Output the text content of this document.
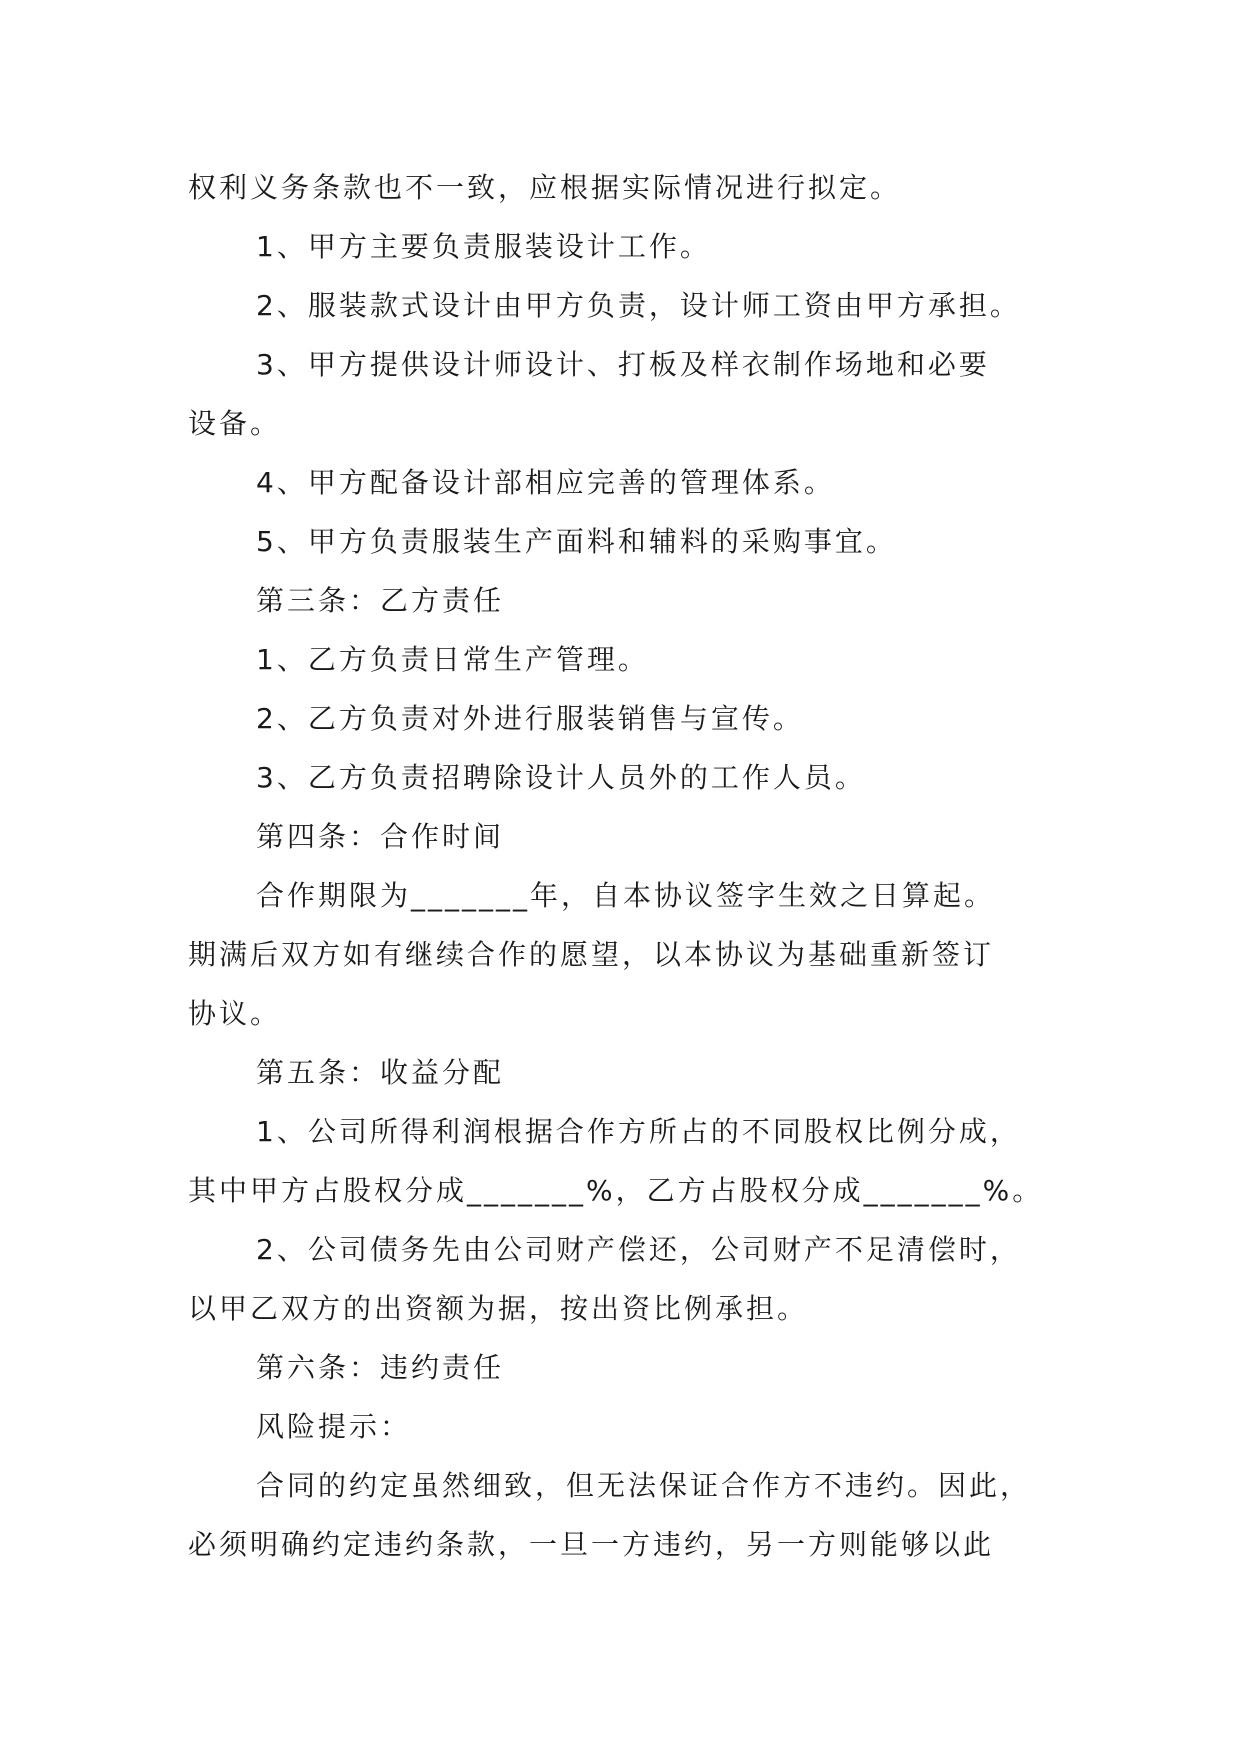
权利义务条款也不一致，应根据实际情况进行拟定。
1、甲方主要负责服装设计工作。
2、服装款式设计由甲方负责，设计师工资由甲方承担。
3、甲方提供设计师设计、打板及样衣制作场地和必要
设备。
4、甲方配备设计部相应完善的管理体系。
5、甲方负责服装生产面料和辅料的采购事宜。
第三条：乙方责任
1、乙方负责日常生产管理。
2、乙方负责对外进行服装销售与宣传。
3、乙方负责招聘除设计人员外的工作人员。
第四条：合作时间
合作期限为_______年，自本协议签字生效之日算起。
期满后双方如有继续合作的愿望，以本协议为基础重新签订
协议。
第五条：收益分配
1、公司所得利润根据合作方所占的不同股权比例分成，
其中甲方占股权分成_______%，乙方占股权分成_______%。
2、公司债务先由公司财产偿还，公司财产不足清偿时，
以甲乙双方的出资额为据，按出资比例承担。
第六条：违约责任
风险提示：
合同的约定虽然细致，但无法保证合作方不违约。因此，
必须明确约定违约条款，一旦一方违约，另一方则能够以此
